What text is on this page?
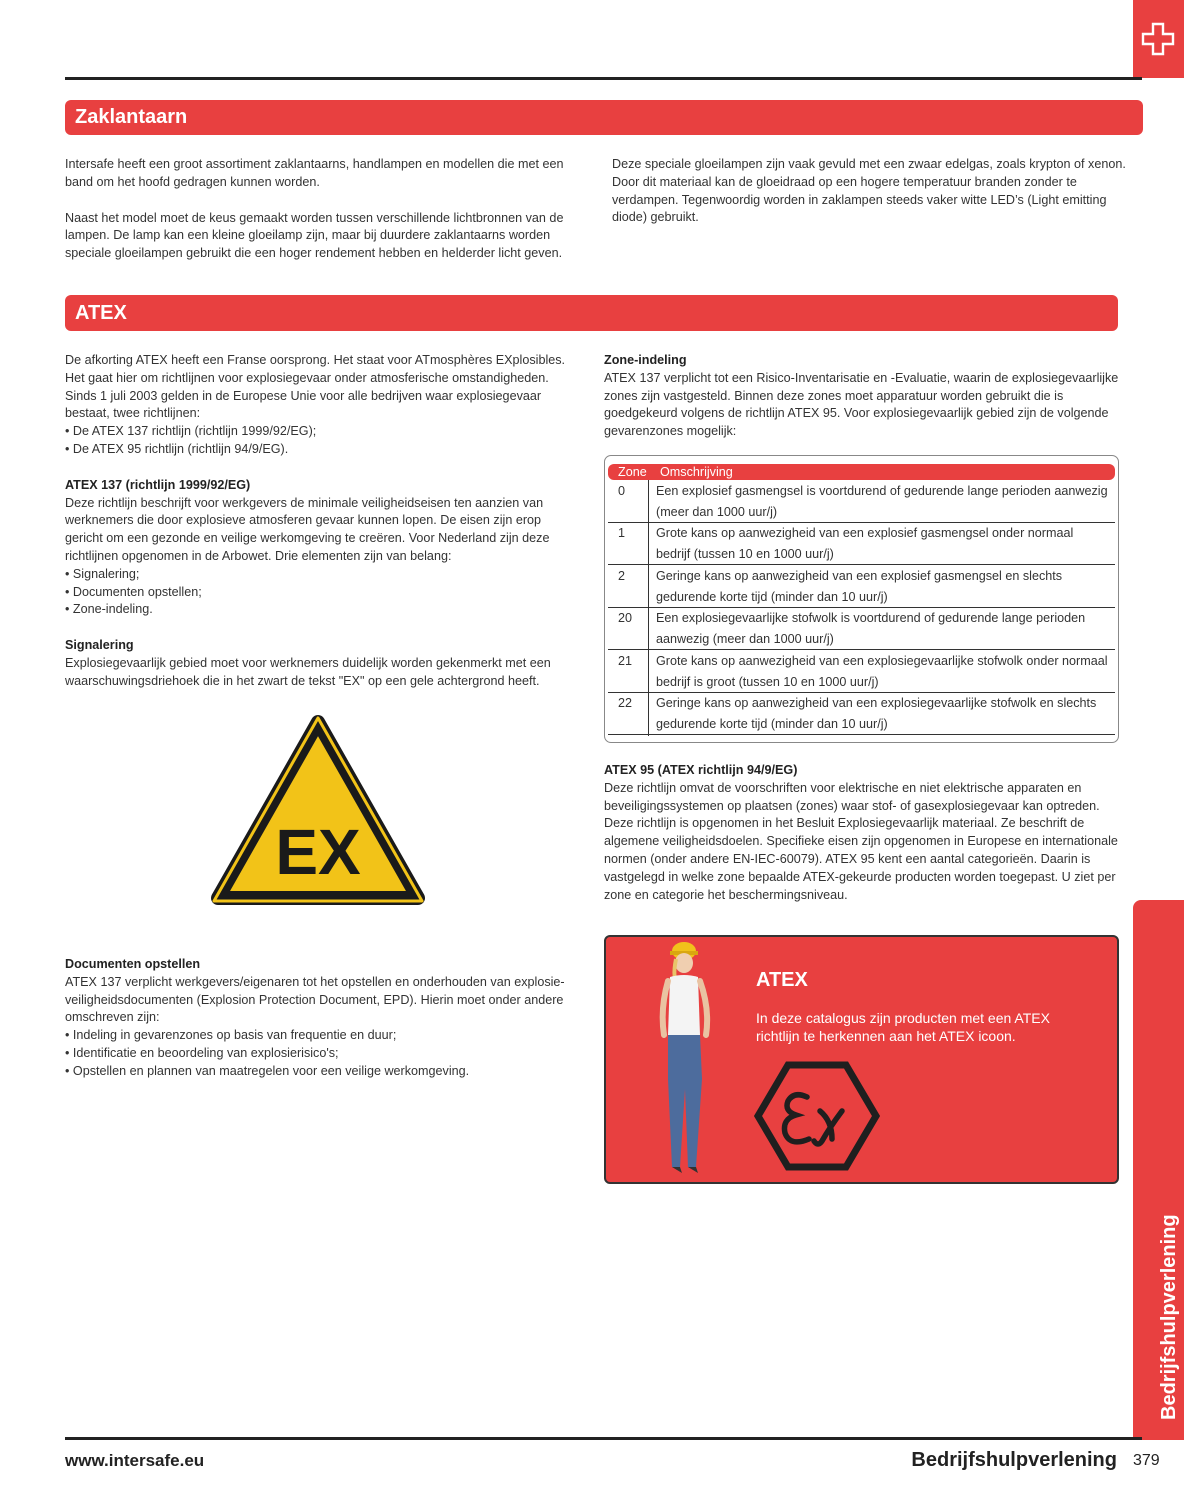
Zaklantaarn

Intersafe heeft een groot assortiment zaklantaarns, handlampen en modellen die met een band om het hoofd gedragen kunnen worden.

Naast het model moet de keus gemaakt worden tussen verschillende lichtbronnen van de lampen. De lamp kan een kleine gloeilamp zijn, maar bij duurdere zaklantaarns worden speciale gloeilampen gebruikt die een hoger rendement hebben en helderder licht geven.

Deze speciale gloeilampen zijn vaak gevuld met een zwaar edelgas, zoals krypton of xenon. Door dit materiaal kan de gloeidraad op een hogere temperatuur branden zonder te verdampen. Tegenwoordig worden in zaklampen steeds vaker witte LED’s (Light emitting diode) gebruikt.

ATEX

De afkorting ATEX heeft een Franse oorsprong. Het staat voor ATmosphères EXplosibles. Het gaat hier om richtlijnen voor explosiegevaar onder atmosferische omstandigheden. Sinds 1 juli 2003 gelden in de Europese Unie voor alle bedrijven waar explosiegevaar bestaat, twee richtlijnen:

• De ATEX 137 richtlijn (richtlijn 1999/92/EG);

• De ATEX 95 richtlijn (richtlijn 94/9/EG).

ATEX 137 (richtlijn 1999/92/EG)

Deze richtlijn beschrijft voor werkgevers de minimale veiligheidseisen ten aanzien van werknemers die door explosieve atmosferen gevaar kunnen lopen. De eisen zijn erop gericht om een gezonde en veilige werkomgeving te creëren. Voor Nederland zijn deze richtlijnen opgenomen in de Arbowet. Drie elementen zijn van belang:

• Signalering;

• Documenten opstellen;

• Zone-indeling.

Signalering

Explosiegevaarlijk gebied moet voor werknemers duidelijk worden gekenmerkt met een waarschuwingsdriehoek die in het zwart de tekst "EX" op een gele achtergrond heeft.

EX

Documenten opstellen

ATEX 137 verplicht werkgevers/eigenaren tot het opstellen en onderhouden van explosie-veiligheidsdocumenten (Explosion Protection Document, EPD). Hierin moet onder andere omschreven zijn:

• Indeling in gevarenzones op basis van frequentie en duur;

• Identificatie en beoordeling van explosierisico's;

• Opstellen en plannen van maatregelen voor een veilige werkomgeving.

Zone-indeling

ATEX 137 verplicht tot een Risico-Inventarisatie en -Evaluatie, waarin de explosiegevaarlijke zones zijn vastgesteld. Binnen deze zones moet apparatuur worden gebruikt die is goedgekeurd volgens de richtlijn ATEX 95. Voor explosiegevaarlijk gebied zijn de volgende gevarenzones mogelijk:

Zone Omschrijving
0 Een explosief gasmengsel is voortdurend of gedurende lange perioden aanwezig (meer dan 1000 uur/j)
1 Grote kans op aanwezigheid van een explosief gasmengsel onder normaal bedrijf (tussen 10 en 1000 uur/j)
2 Geringe kans op aanwezigheid van een explosief gasmengsel en slechts gedurende korte tijd (minder dan 10 uur/j)
20 Een explosiegevaarlijke stofwolk is voortdurend of gedurende lange perioden aanwezig (meer dan 1000 uur/j)
21 Grote kans op aanwezigheid van een explosiegevaarlijke stofwolk onder normaal bedrijf is groot (tussen 10 en 1000 uur/j)
22 Geringe kans op aanwezigheid van een explosiegevaarlijke stofwolk en slechts gedurende korte tijd (minder dan 10 uur/j)

ATEX 95 (ATEX richtlijn 94/9/EG)

Deze richtlijn omvat de voorschriften voor elektrische en niet elektrische apparaten en beveiligingssystemen op plaatsen (zones) waar stof- of gasexplosiegevaar kan optreden. Deze richtlijn is opgenomen in het Besluit Explosiegevaarlijk materiaal. Ze beschrift de algemene veiligheidsdoelen. Specifieke eisen zijn opgenomen in Europese en internationale normen (onder andere EN-IEC-60079). ATEX 95 kent een aantal categorieën. Daarin is vastgelegd in welke zone bepaalde ATEX-gekeurde producten worden toegepast. U ziet per zone en categorie het beschermingsniveau.

ATEX
In deze catalogus zijn producten met een ATEX richtlijn te herkennen aan het ATEX icoon.
Bedrijfshulpverlening
www.intersafe.eu	Bedrijfshulpverlening 379
